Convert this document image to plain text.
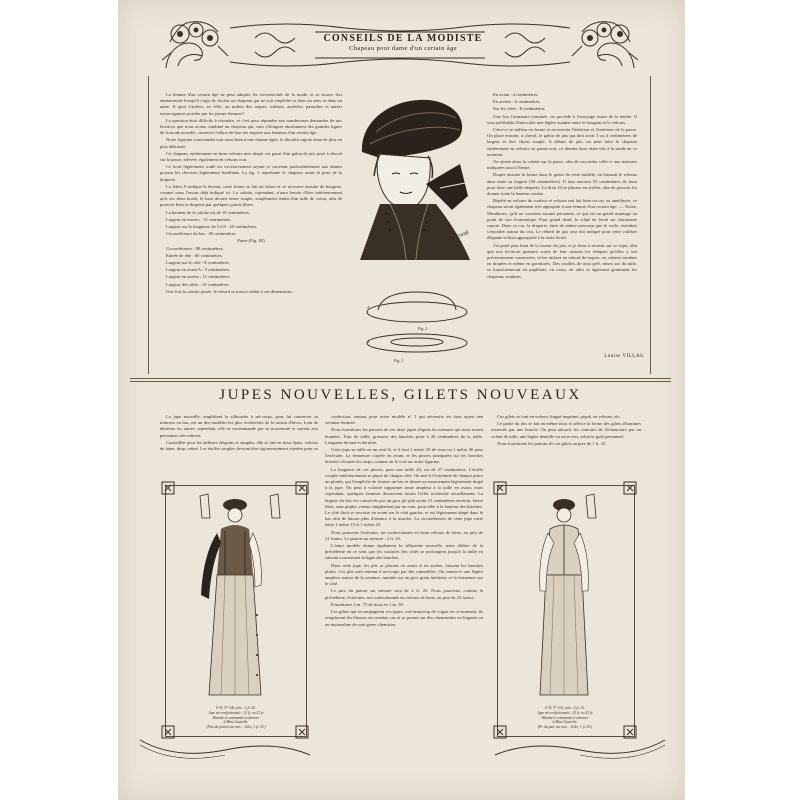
CONSEILS DE LA MODISTE
Chapeau pour dame d'un certain âge

La femme d'un certain âge ne peut adopter les excentricités de la mode, et se trouve fort embarrassée lorsqu'il s'agit de choisir un chapeau qui ne soit empêché ni dans un sens ni dans un autre. Il quoi s'arrêter, en effet, au milieu des toques, turbans, auréoles, panaches et autres extravagances portées par les jeunes femmes?

La question était difficile à résoudre, et c'est pour répondre aux nombreuses demandes de nos lectrices que nous avons combiné un chapeau qui, sans s'éloigner absolument des grandes lignes de la mode actuelle, conserve l'allure de bon ton requise aux femmes d'un certain âge.

Notre figurine convientdra tout aussi bien à une femme âgée, la discrète capote étant de plus en plus délaissée.

Ce chapeau, entièrement en beau velours noir drapé, est garni d'un galon de jais posé à cheval sur la passe, relevée, également en velours noir.

Ce bord légèrement roulé est excessivement seyant et convient particulièrement aux dames portant les cheveux légèrement bouffants. La fig. 1 représente le chapeau avant la pose de la draperie.

La lettre A indique le devant; cette forme se fait en laiton et se recouvre ensuite de bougran, comme nous l'avons déjà indiqué ici. La calotte, cependant, n'aura besoin d'être intérieurement qu'à ses deux bords, le haut devant rester souple, simplement tendu d'un tulle de coton, afin de pouvoir fixer la draperie par quelques points libres.

La hauteur de la calotte est de 10 centimètres.

Largeur en travers : 15 centimètres.

Largeur sur la longueur, de 5 à 8 : 18 centimètres.

Circonférence du bas : 60 centimètres.

Passe (Fig. III)

Circonférence : 80 centimètres.

Entrée de tête : 60 centimètres.

Largeur sur le côté : 8 centimètres.

Largeur en avant A : 9 centimètres.

Largeur en arrière : 11 centimètres.

Largeur des côtés : 10 centimètres.

Une fois la calotte posée, le rebord se trouve réduit à ces dimensions :

Ch. Frank
A
Fig. 2.
A
Fig. 3.

En avant : 4 centimètres.

En arrière : 6 centimètres.

Sur les côtés : 8 centimètres.

Une fois l'armature terminée, on procède à l'essayage avant de la tendre. Il sera préférable d'intercaler une légère ouatine entre le bougran et le velours.

Celui-ci se taillera en forme et recouvrira l'intérieur et l'extérieur de la passe. On place ensuite, à cheval, le galon de jais qui doit avoir 3 ou 4 centimètres de largeur et être choisi souple. A défaut de jais, on peut faire le chapeau entièrement en velours ou panne noir, ce dernier tissu étant très à la mode en ce moment.

On ajuste alors la calotte sur la passe, afin de raccorder celle-ci aux mesures indiquées tout à l'heure.

Draper ensuite la forme dans le genre de cette modèle, en laissant le velours dans toute sa largeur (50 centimètres). Il faut environ 55 centimètres de tissu pour faire une belle draperie. Le droit fil se placera en arrière, afin de pouvoir lui donner toute la hauteur voulue.

Répété en velours de couleur et velours uni fait bien ou roy ou améthyste, ce chapeau serait également très approprié à une femme d'un certain âge. — Notez, Mesdames, qu'il ne convient aucune personne, ce qui est un grand avantage au point de vue économique. Pour grand deuil, la crêpe ne ferait sur charmante capote. Dans ce cas, la draperie, faite de même morceau que le voile, viendrait s'enrouler autour du cou. Le rebord de jais sera fait indiqué pour cette coiffure élégante et bien appropriée à la triste livrée.

J'ai parlé plus haut de la faveur du jais, et je tiens à revenir sur ce sujet, afin que nos lectrices puissent sortir de leur cartons les reliques qu'elles y ont précieusement conservées, et les utiliser en rebord de toques, en calottes tendues en drapées et même en garnitures. Des rouilles de tissu préf, mises sur du tulle, se transformeront en papillons, en roses, en ailes et égaieront gentiment les chapeaux sombres.

Louise VILLAS.
JUPES NOUVELLES, GILETS NOUVEAUX

La jupe nouvelle, amplifiant la silhouette à mi-corps, pour lui conserver sa minceur en bas, est un des modèles les plus recherchés de la saison d'hiver. Loin de détrôner les autres cependant, elle se recommande par sa nouveauté et surtout aux personnes très minces.

Conseillée pour les tailleurs élégants et simples, elle se fait en tissu épais, velours de laine, drap, ratiné. Les étoffes souples devront être rigoureusement rejetées pour sa

confection, surtout pour notre modèle n° 1 qui nécessite un tissu ayant une certaine fermeté.

Nous fournirons les patrons de ces deux jupes d'après les mesures qui nous seront données. Tour de taille, grosseur des hanches prise à 20 centimètres de la taille. Longueur devant et derrière.

Cette jupe se taille en un seul lé, et il faut 1 mètre 35 de tissu ou 1 mètre 40 pour l'exécuter. La fermeture s'opère en avant, et les pinces pratiquées sur les hanches doivent s'écarter du corps, comme on le voit sur notre figurine.

La longueur de ces pinces, pour une taille 44, est de 27 centimètres. L'étoffe coupée intérieurement se pique de chaque côté. On met à l'extrémité de chaque pince un plomb, qui l'empêche de former un bec et donne un mouvement légèrement drapé à la jupe. On peut à volonté supprimer toute ampleur à la taille en avant, mais cependant, quelques femmes desservent toutes l'effet recherché actuellement. La largeur du dos est conservée par un gros pli plat ayant 15 centimètres environ, laissé libre, sans piqûre, retenu simplement par un cran, pour aller à la hauteur des hanches. Le côté droit se recroise en avant sur le côté gauche, et est légèrement drapé dans le bas afin de laisser plus d'aisance à la marche. La circonférence de cette jupe varie entre 1 mètre 15 et 1 mètre 25.

Nous pourrons l'exécuter, mi-confectionnée en beau velours de laine, au prix de 21 francs. Le patron sur mesure : 2 fr. 25.

L'autre modèle donne également la silhouette nouvelle, mais diffère de la précédente en ce sens que les coutures des côtés se prolongent jusqu'à la taille en suivant exactement la ligne des hanches.

Dans cette jupe, les plis se placent en avant et en arrière, laissant les hanches plates. Ces plis sont retenus à mi-corps par des cannetilles. On conserve une légère ampleur autour de la ceinture, montée sur un gros grain intérieur, et la fermeture sur le côté.

Le prix du patron sur mesure sera de 2 fr. 25. Nous pourrons, comme la précédente, l'exécuter, mi-confectionnée en velours de laine, au prix de 23 francs.

Fournitures 2 m. 75 de tissu en 1 m. 30.

Les gilets qui accompagnent ces jupes, ont beaucoup de vogue en ce moment, ils remplacent les blouses en certains cas et se posent sur des chemisettes en lingerie ou en mousseline de soie genre chemisier.

Ces gilets se font en velours frappé imprimé, piqué, en velours, etc.

Le partie du dos se fait en même tissu et affecte la forme des gilets d'hommes resserrés par une boucle. On peut adoucir les contours de l'échancrure par un volant de tulle, une légère dentelle ou un revers, selon le goût personnel.

Nous fournirons les patrons de ces gilets au prix de 1 fr. 25.

P. D. N° 100, prix : 2 fr. 25.
Jupe mi-confectionnée : 21 fr. ou 23 fr.
Mandat et commande à adresser
à Mme Gauvelle.
(Prix du patron sur mes. : Gilet, 1 fr. 25.)
P. D. N° 101, prix : 2 fr. 25.
Jupe mi-confectionnée : 23 fr. ou 25 fr.
Mandat et commande à adresser
à Mme Gauvelle.
(Pr. du patr. sur mes. : Gilet, 1 fr. 25.)
